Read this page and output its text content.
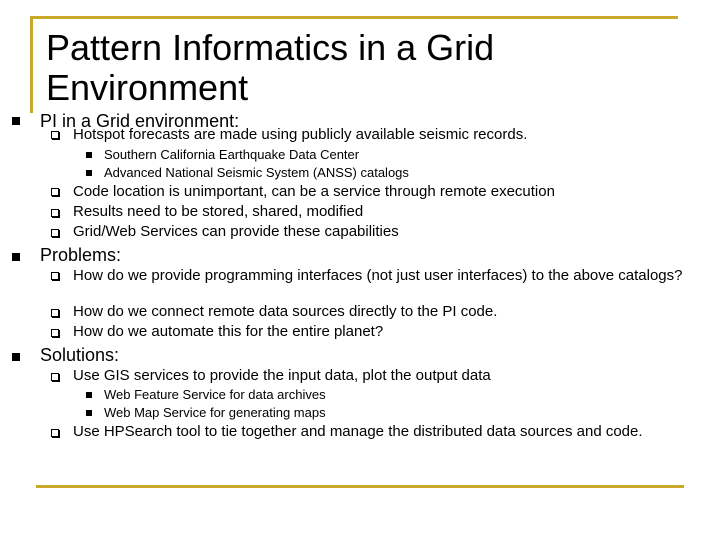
Pattern Informatics in a Grid Environment
PI in a Grid environment:
Hotspot forecasts are made using publicly available seismic records.
Southern California Earthquake Data Center
Advanced National Seismic System (ANSS) catalogs
Code location is unimportant, can be a service through remote execution
Results need to be stored, shared, modified
Grid/Web Services can provide these capabilities
Problems:
How do we provide programming interfaces (not just user interfaces) to the above catalogs?
How do we connect remote data sources directly to the PI code.
How do we automate this for the entire planet?
Solutions:
Use GIS services to provide the input data, plot the output data
Web Feature Service for data archives
Web Map Service for generating maps
Use HPSearch tool to tie together and manage the distributed data sources and code.
